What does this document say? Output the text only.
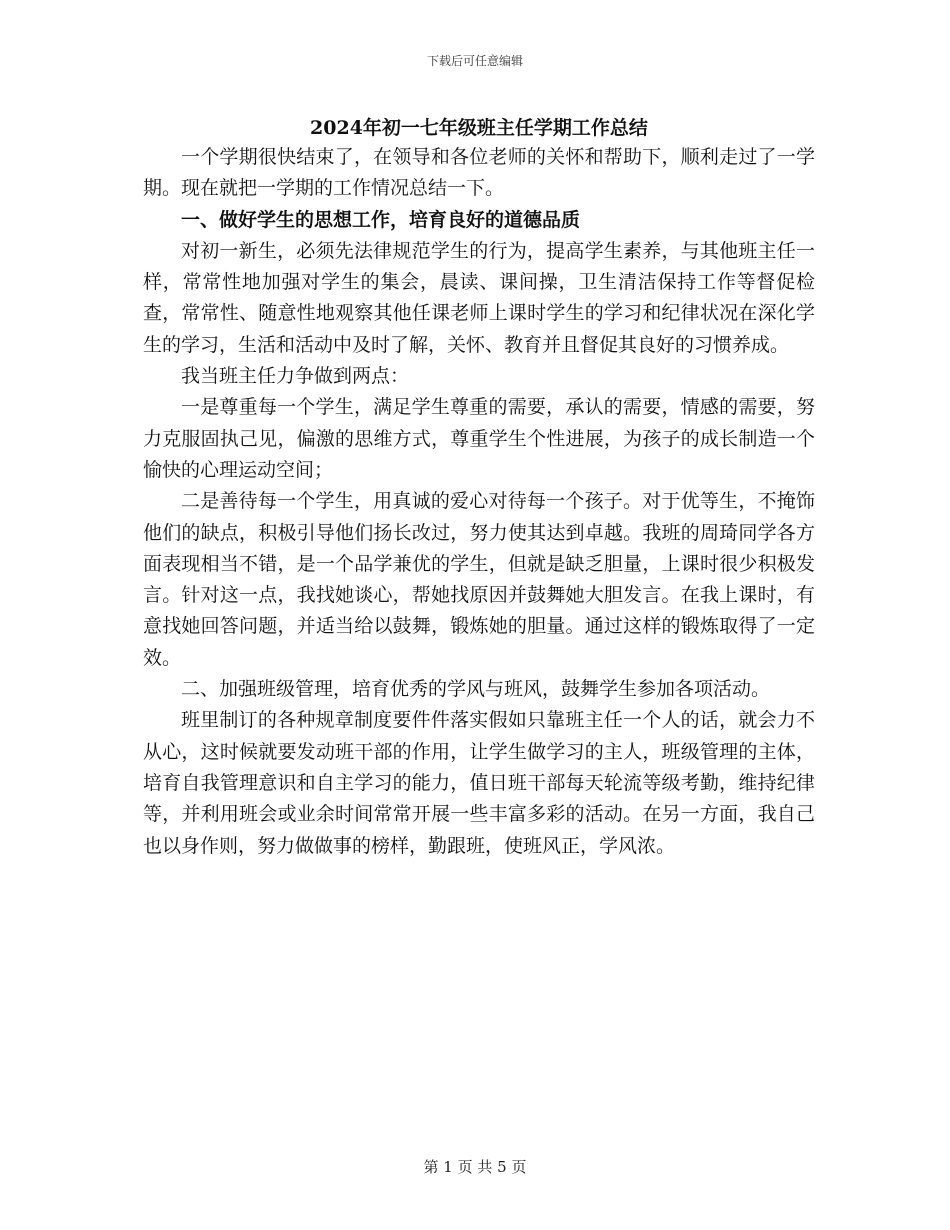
下载后可任意编辑
2024年初一七年级班主任学期工作总结

一个学期很快结束了，在领导和各位老师的关怀和帮助下，顺利走过了一学期。现在就把一学期的工作情况总结一下。

一、做好学生的思想工作，培育良好的道德品质

对初一新生，必须先法律规范学生的行为，提高学生素养，与其他班主任一样，常常性地加强对学生的集会，晨读、课间操，卫生清洁保持工作等督促检查，常常性、随意性地观察其他任课老师上课时学生的学习和纪律状况在深化学生的学习，生活和活动中及时了解，关怀、教育并且督促其良好的习惯养成。

我当班主任力争做到两点：

一是尊重每一个学生，满足学生尊重的需要，承认的需要，情感的需要，努力克服固执己见，偏激的思维方式，尊重学生个性进展，为孩子的成长制造一个愉快的心理运动空间；

二是善待每一个学生，用真诚的爱心对待每一个孩子。对于优等生，不掩饰他们的缺点，积极引导他们扬长改过，努力使其达到卓越。我班的周琦同学各方面表现相当不错，是一个品学兼优的学生，但就是缺乏胆量，上课时很少积极发言。针对这一点，我找她谈心，帮她找原因并鼓舞她大胆发言。在我上课时，有意找她回答问题，并适当给以鼓舞，锻炼她的胆量。通过这样的锻炼取得了一定效。

二、加强班级管理，培育优秀的学风与班风，鼓舞学生参加各项活动。

班里制订的各种规章制度要件件落实假如只靠班主任一个人的话，就会力不从心，这时候就要发动班干部的作用，让学生做学习的主人，班级管理的主体，培育自我管理意识和自主学习的能力，值日班干部每天轮流等级考勤，维持纪律等，并利用班会或业余时间常常开展一些丰富多彩的活动。在另一方面，我自己也以身作则，努力做做事的榜样，勤跟班，使班风正，学风浓。

第 1 页 共 5 页
